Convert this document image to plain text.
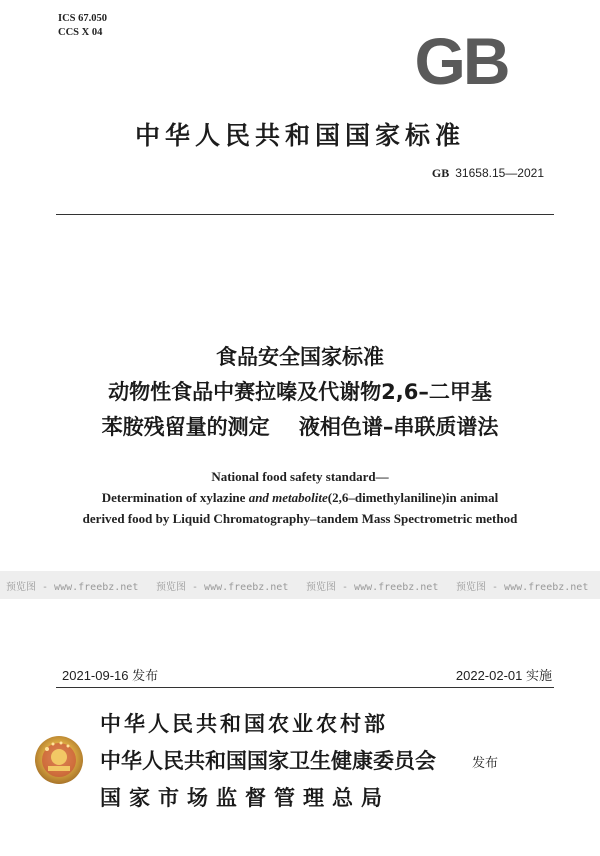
ICS 67.050
CCS X 04	GB
中华人民共和国国家标准
GB 31658.15—2021
食品安全国家标准
动物性食品中赛拉嗪及代谢物2,6–二甲基
苯胺残留量的测定    液相色谱–串联质谱法
National food safety standard—
Determination of xylazine and metabolite(2,6–dimethylaniline)in animal
derived food by Liquid Chromatography–tandem Mass Spectrometric method
预览图 - www.freebz.net 预览图 - www.freebz.net 预览图 - www.freebz.net 预览图 - www.freebz.net
2021-09-16 发布	2022-02-01 实施
中华人民共和国农业农村部
中华人民共和国国家卫生健康委员会
国家市场监督管理总局
发布
